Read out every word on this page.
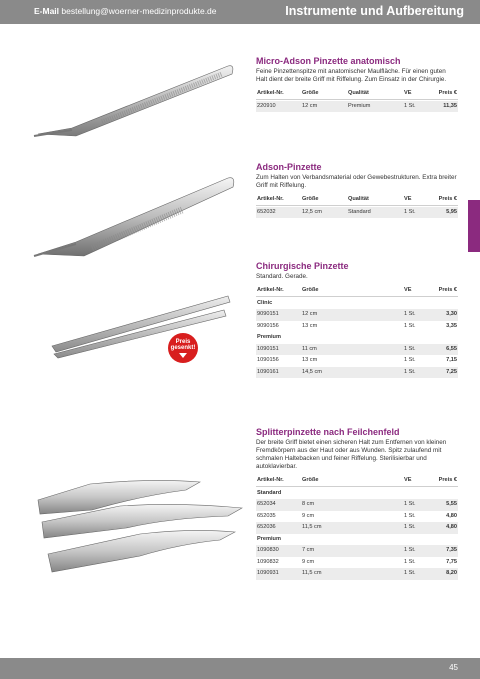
E-Mail bestellung@woerner-medizinprodukte.de	Instrumente und Aufbereitung
Preis
gesenkt!
Micro-Adson Pinzette anatomisch
Feine Pinzettenspitze mit anatomischer Maulfläche. Für einen guten Halt dient der breite Griff mit Riffelung. Zum Einsatz in der Chirurgie.
Artikel-Nr.	Größe	Qualität	VE	Preis €
220910	12 cm	Premium	1 St.	11,35
Adson-Pinzette
Zum Halten von Verbandsmaterial oder Gewebestrukturen. Extra breiter Griff mit Riffelung.
Artikel-Nr.	Größe	Qualität	VE	Preis €
652032	12,5 cm	Standard	1 St.	5,95
Chirurgische Pinzette
Standard. Gerade.
Artikel-Nr.	Größe	VE	Preis €
Clinic
9090151	12 cm	1 St.	3,30
9090156	13 cm	1 St.	3,35
Premium
1090151	11 cm	1 St.	6,55
1090156	13 cm	1 St.	7,15
1090161	14,5 cm	1 St.	7,25
Splitterpinzette nach Feilchenfeld
Der breite Griff bietet einen sicheren Halt zum Entfernen von kleinen Fremdkörpern aus der Haut oder aus Wunden. Spitz zulaufend mit schmalen Haltebacken und feiner Riffelung. Sterilisierbar und autoklavierbar.
Artikel-Nr.	Größe	VE	Preis €
Standard
652034	8 cm	1 St.	5,55
652035	9 cm	1 St.	4,80
652036	11,5 cm	1 St.	4,80
Premium
1090830	7 cm	1 St.	7,35
1090832	9 cm	1 St.	7,75
1090931	11,5 cm	1 St.	8,20
45
